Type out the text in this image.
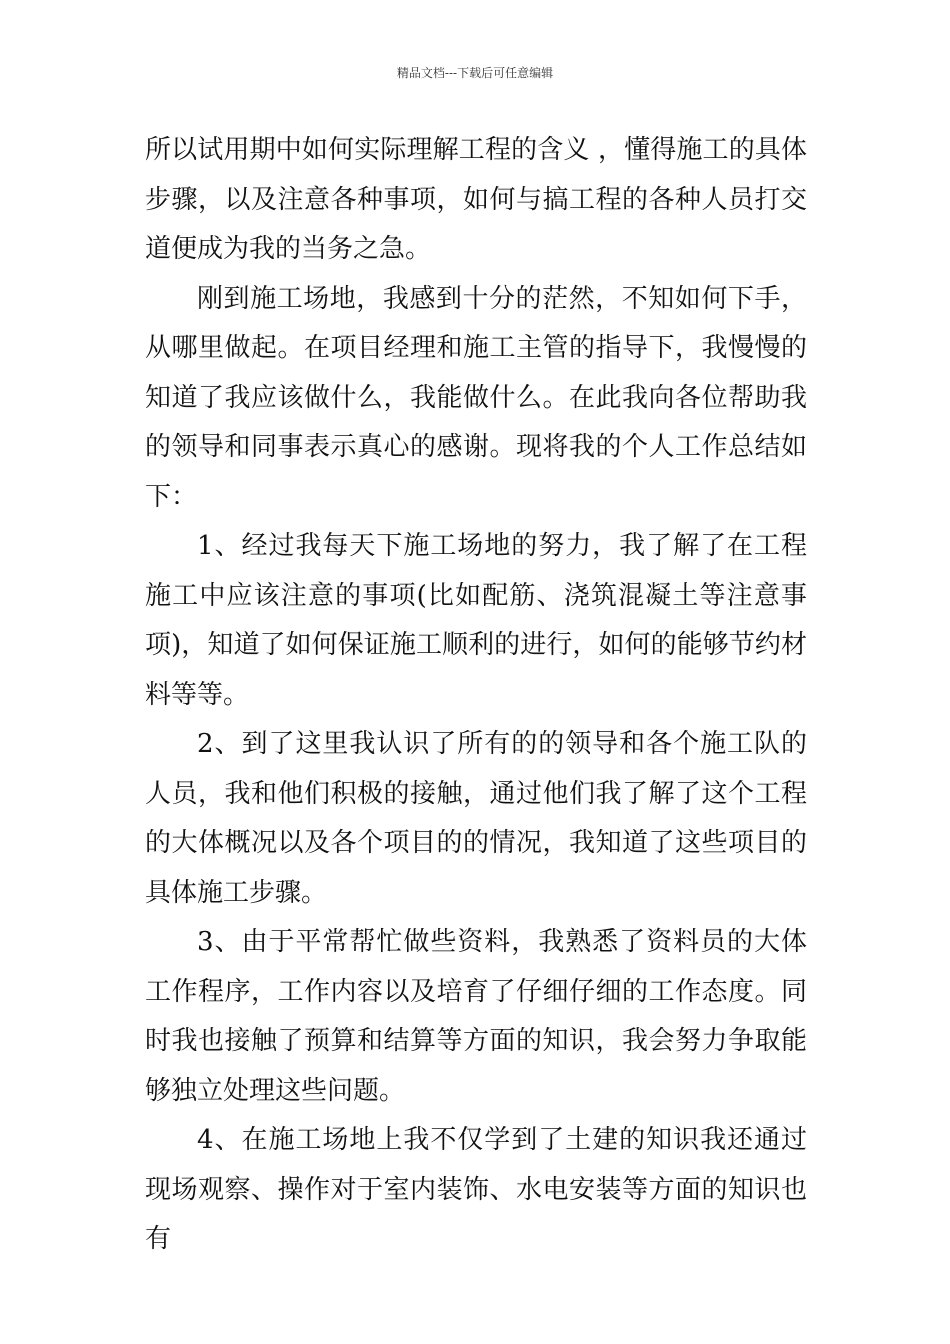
精品文档---下载后可任意编辑

所以试用期中如何实际理解工程的含义 ，懂得施工的具体步骤，以及注意各种事项，如何与搞工程的各种人员打交道便成为我的当务之急。

刚到施工场地，我感到十分的茫然，不知如何下手，从哪里做起。在项目经理和施工主管的指导下，我慢慢的知道了我应该做什么，我能做什么。在此我向各位帮助我的领导和同事表示真心的感谢。现将我的个人工作总结如下：

1、经过我每天下施工场地的努力，我了解了在工程施工中应该注意的事项(比如配筋、浇筑混凝土等注意事项)，知道了如何保证施工顺利的进行，如何的能够节约材料等等。

2、到了这里我认识了所有的的领导和各个施工队的人员，我和他们积极的接触，通过他们我了解了这个工程的大体概况以及各个项目的的情况，我知道了这些项目的具体施工步骤。

3、由于平常帮忙做些资料，我熟悉了资料员的大体工作程序，工作内容以及培育了仔细仔细的工作态度。同时我也接触了预算和结算等方面的知识，我会努力争取能够独立处理这些问题。

4、在施工场地上我不仅学到了土建的知识我还通过现场观察、操作对于室内装饰、水电安装等方面的知识也有
